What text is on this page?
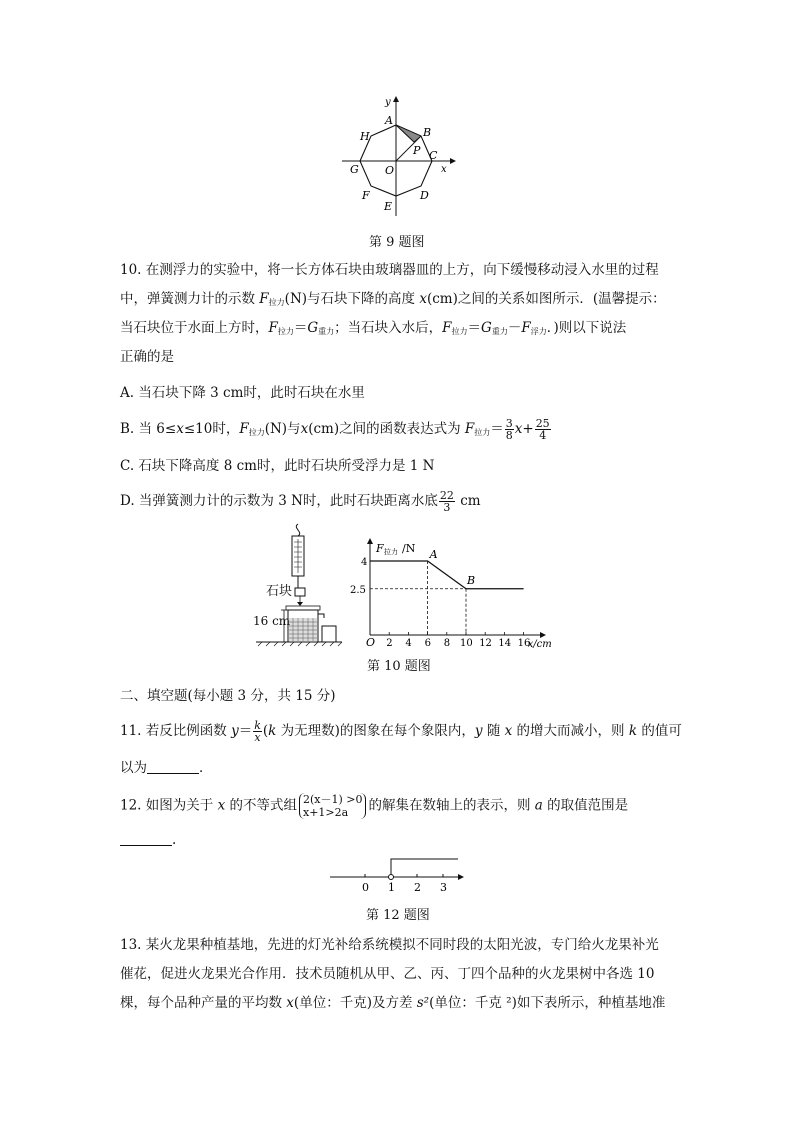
y
x
A
B
C
D
E
F
G
H
O
P
第 9 题图
10. 在测浮力的实验中，将一长方体石块由玻璃器皿的上方，向下缓慢移动浸入水里的过程
中，弹簧测力计的示数 $F_{拉力}(N)$与石块下降的高度 x(cm)之间的关系如图所示．(温馨提示：
当石块位于水面上方时，$F_{拉力}=G_{重力}$；当石块入水后，$F_{拉力}=G_{重力}-F_{浮力}$．)则以下说法
正确的是
A. 当石块下降 3 cm时，此时石块在水里
B. 当 6≤x≤10时，$F_{拉力}(N)$与x(cm)之间的函数表达式为 $F_{拉力}= \frac{3}{8} x+ \frac{25}{4}$
C. 石块下降高度 8 cm时，此时石块所受浮力是 1 N
D. 当弹簧测力计的示数为 3 N时，此时石块距离水底 $\frac{22}{3}$ cm
石块
16 cm
F 拉力 /N
O 2 4 6 8 10 12 14 16
4
2.5
A
B
x/cm
第 10 题图
二、填空题(每小题 3 分，共 15 分)
11. 若反比例函数 $y= \frac{k}{x} (k$ 为无理数)的图象在每个象限内，y 随 x 的增大而减小，则 k 的值可
以为	．
12. 如图为关于 x 的不等式组 2(x－1) >0
x+1>2a	的解集在数轴上的表示，则 a 的取值范围是
.
0 1 2 3
第 12 题图
13. 某火龙果种植基地，先进的灯光补给系统模拟不同时段的太阳光波，专门给火龙果补光
催花，促进火龙果光合作用．技术员随机从甲、乙、丙、丁四个品种的火龙果树中各选 10
棵，每个品种产量的平均数 x(单位：千克)及方差 s²(单位：千克 ²)如下表所示，种植基地准
